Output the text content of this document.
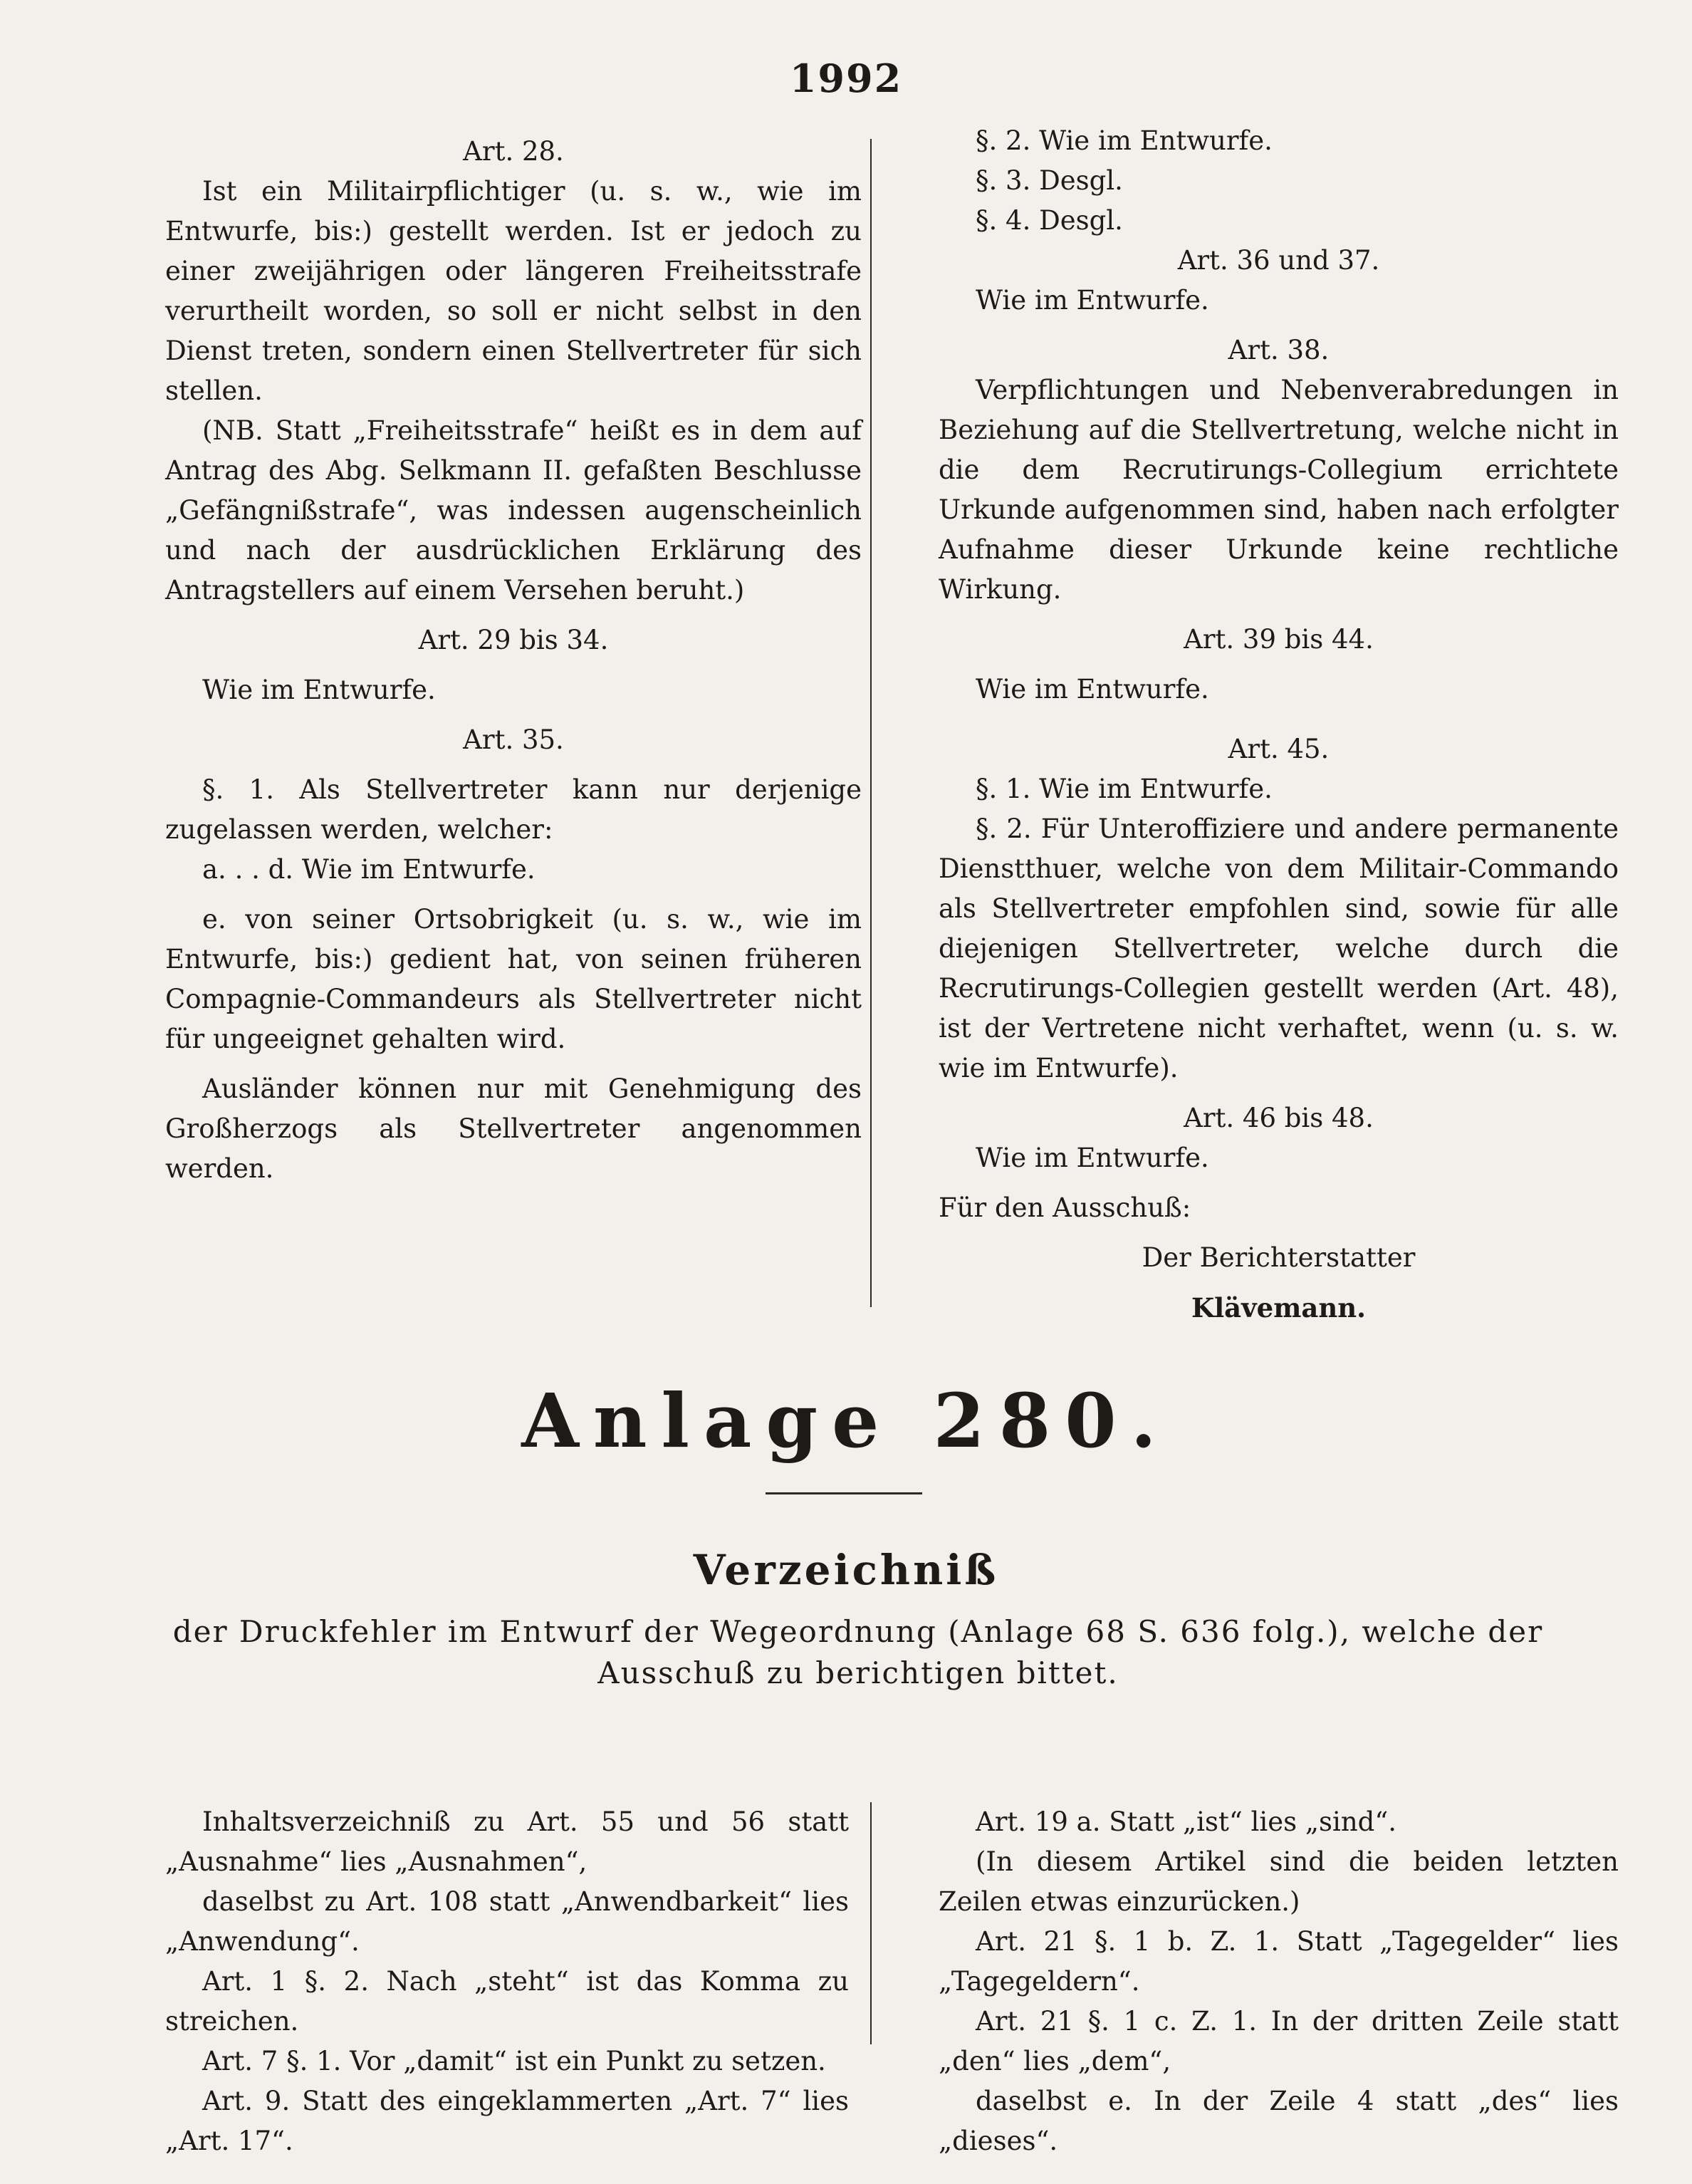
1992

Art. 28.

Ist ein Militairpflichtiger (u. s. w., wie im Entwurfe, bis:) gestellt werden. Ist er jedoch zu einer zweijährigen oder längeren Freiheitsstrafe verurtheilt worden, so soll er nicht selbst in den Dienst treten, sondern einen Stellvertreter für sich stellen.

(NB. Statt „Freiheitsstrafe“ heißt es in dem auf Antrag des Abg. Selkmann II. gefaßten Beschlusse „Gefängnißstrafe“, was indessen augenscheinlich und nach der ausdrücklichen Erklärung des Antragstellers auf einem Versehen beruht.)

Art. 29 bis 34.

Wie im Entwurfe.

Art. 35.

§. 1. Als Stellvertreter kann nur derjenige zugelassen werden, welcher:

a. . . d. Wie im Entwurfe.

e. von seiner Ortsobrigkeit (u. s. w., wie im Entwurfe, bis:) gedient hat, von seinen früheren Compagnie-Commandeurs als Stellvertreter nicht für ungeeignet gehalten wird.

Ausländer können nur mit Genehmigung des Großherzogs als Stellvertreter angenommen werden.

§. 2. Wie im Entwurfe.

§. 3. Desgl.

§. 4. Desgl.

Art. 36 und 37.

Wie im Entwurfe.

Art. 38.

Verpflichtungen und Nebenverabredungen in Beziehung auf die Stellvertretung, welche nicht in die dem Recrutirungs-Collegium errichtete Urkunde aufgenommen sind, haben nach erfolgter Aufnahme dieser Urkunde keine rechtliche Wirkung.

Art. 39 bis 44.

Wie im Entwurfe.

Art. 45.

§. 1. Wie im Entwurfe.

§. 2. Für Unteroffiziere und andere permanente Dienstthuer, welche von dem Militair-Commando als Stellvertreter empfohlen sind, sowie für alle diejenigen Stellvertreter, welche durch die Recrutirungs-Collegien gestellt werden (Art. 48), ist der Vertretene nicht verhaftet, wenn (u. s. w. wie im Entwurfe).

Art. 46 bis 48.

Wie im Entwurfe.

Für den Ausschuß:

Der Berichterstatter

Klävemann.

Anlage 280.
Verzeichniß
der Druckfehler im Entwurf der Wegeordnung (Anlage 68 S. 636 folg.), welche der Ausschuß zu berichtigen bittet.

Inhaltsverzeichniß zu Art. 55 und 56 statt „Ausnahme“ lies „Ausnahmen“,

daselbst zu Art. 108 statt „Anwendbarkeit“ lies „Anwendung“.

Art. 1 §. 2. Nach „steht“ ist das Komma zu streichen.

Art. 7 §. 1. Vor „damit“ ist ein Punkt zu setzen.

Art. 9. Statt des eingeklammerten „Art. 7“ lies „Art. 17“.

Art. 19 a. Statt „ist“ lies „sind“.

(In diesem Artikel sind die beiden letzten Zeilen etwas einzurücken.)

Art. 21 §. 1 b. Z. 1. Statt „Tagegelder“ lies „Tagegeldern“.

Art. 21 §. 1 c. Z. 1. In der dritten Zeile statt „den“ lies „dem“,

daselbst e. In der Zeile 4 statt „des“ lies „dieses“.
